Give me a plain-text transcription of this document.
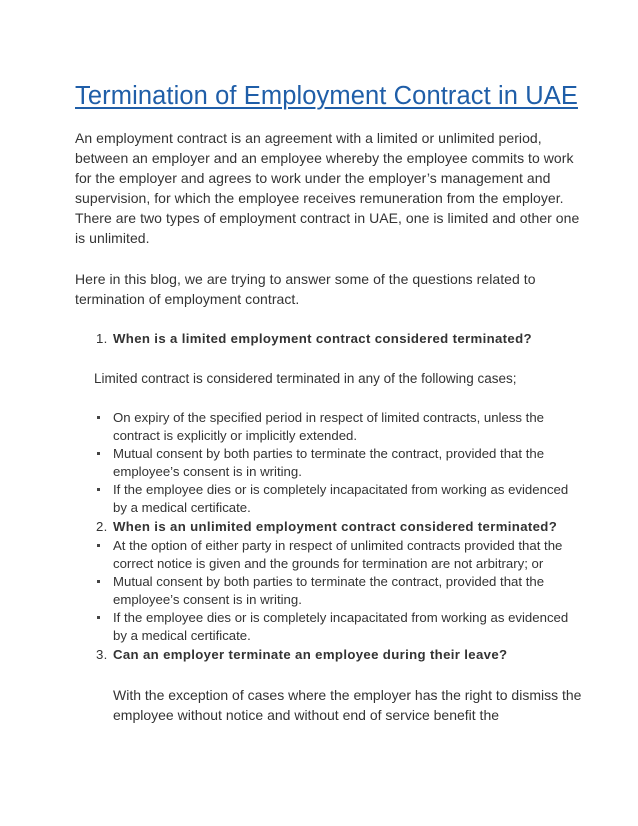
Termination of Employment Contract in UAE

An employment contract is an agreement with a limited or unlimited period, between an employer and an employee whereby the employee commits to work for the employer and agrees to work under the employer’s management and supervision, for which the employee receives remuneration from the employer. There are two types of employment contract in UAE, one is limited and other one is unlimited.

Here in this blog, we are trying to answer some of the questions related to termination of employment contract.

1. When is a limited employment contract considered terminated?

Limited contract is considered terminated in any of the following cases;

On expiry of the specified period in respect of limited contracts, unless the contract is explicitly or implicitly extended.
Mutual consent by both parties to terminate the contract, provided that the employee’s consent is in writing.
If the employee dies or is completely incapacitated from working as evidenced by a medical certificate.

2. When is an unlimited employment contract considered terminated?

At the option of either party in respect of unlimited contracts provided that the correct notice is given and the grounds for termination are not arbitrary; or
Mutual consent by both parties to terminate the contract, provided that the employee’s consent is in writing.
If the employee dies or is completely incapacitated from working as evidenced by a medical certificate.

3. Can an employer terminate an employee during their leave?

With the exception of cases where the employer has the right to dismiss the employee without notice and without end of service benefit the
